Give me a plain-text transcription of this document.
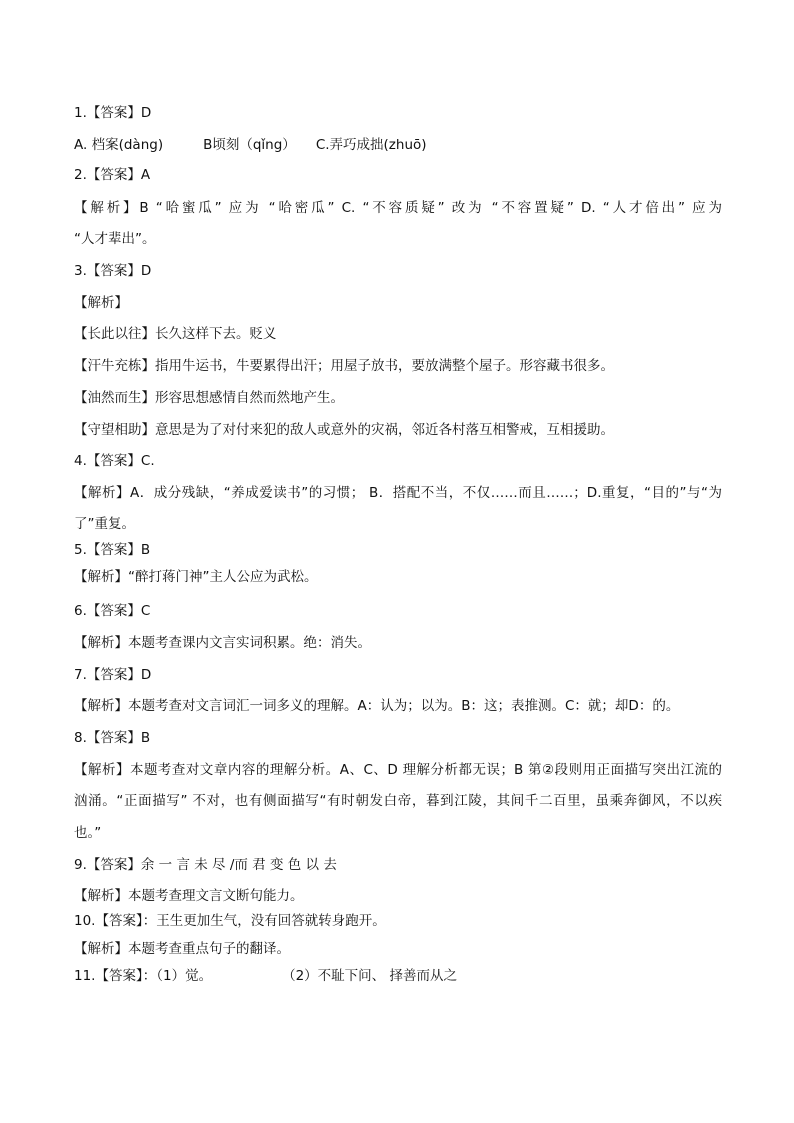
1.【答案】D
A. 档案(dàng)	B顷刻（qǐng） C.弄巧成拙(zhuō)
2.【答案】A
【解析】B “哈蜜瓜” 应为 “哈密瓜” C. “不容质疑” 改为 “不容置疑” D. “人才倍出” 应为
“人才辈出”。
3.【答案】D
【解析】
【长此以往】长久这样下去。贬义
【汗牛充栋】指用牛运书，牛要累得出汗；用屋子放书，要放满整个屋子。形容藏书很多。
【油然而生】形容思想感情自然而然地产生。
【守望相助】意思是为了对付来犯的敌人或意外的灾祸，邻近各村落互相警戒，互相援助。
4.【答案】C.
【解析】A．成分残缺，“养成爱读书”的习惯； B．搭配不当，不仅……而且……；D.重复，“目的”与“为
了”重复。
5.【答案】B
【解析】“醉打蒋门神”主人公应为武松。
6.【答案】C
【解析】本题考查课内文言实词积累。绝：消失。
7.【答案】D
【解析】本题考查对文言词汇一词多义的理解。A：认为；以为。B：这；表推测。C：就；却D：的。
8.【答案】B
【解析】本题考查对文章内容的理解分析。A、C、D 理解分析都无误；B 第②段则用正面描写突出江流的
汹涌。“正面描写” 不对，也有侧面描写“有时朝发白帝，暮到江陵，其间千二百里，虽乘奔御风，不以疾
也。”
9.【答案】余 一 言 未 尽 /而 君 变 色 以 去
【解析】本题考查理文言文断句能力。
10.【答案】：王生更加生气，没有回答就转身跑开。
【解析】本题考查重点句子的翻译。
11.【答案】：（1）觉。	（2）不耻下问、 择善而从之
